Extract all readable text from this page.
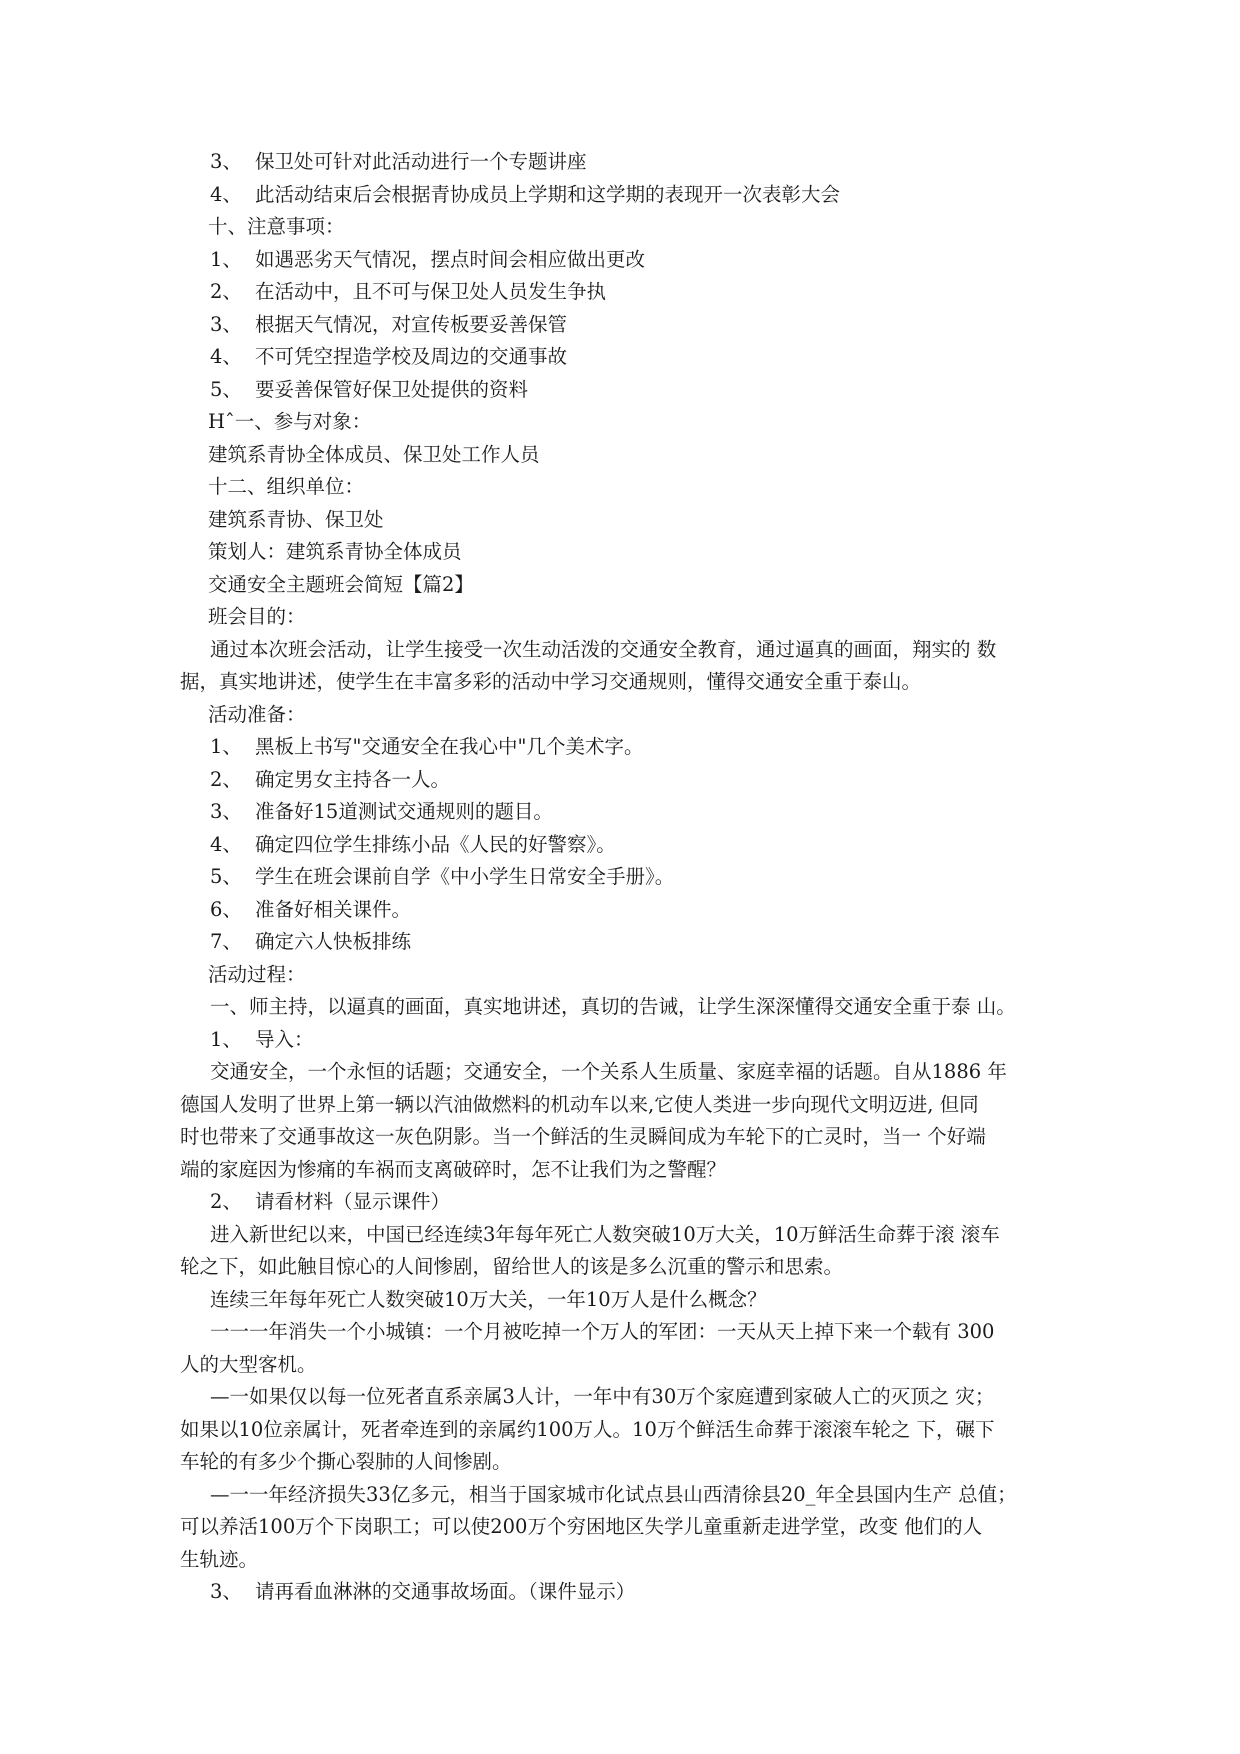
3、 保卫处可针对此活动进行一个专题讲座
4、 此活动结束后会根据青协成员上学期和这学期的表现开一次表彰大会
十、注意事项：
1、 如遇恶劣天气情况，摆点时间会相应做出更改
2、 在活动中，且不可与保卫处人员发生争执
3、 根据天气情况，对宣传板要妥善保管
4、 不可凭空捏造学校及周边的交通事故
5、 要妥善保管好保卫处提供的资料
Hˆ一、参与对象：
建筑系青协全体成员、保卫处工作人员
十二、组织单位：
建筑系青协、保卫处
策划人：建筑系青协全体成员
交通安全主题班会简短【篇2】
班会目的：
通过本次班会活动，让学生接受一次生动活泼的交通安全教育，通过逼真的画面，翔实的 数
据，真实地讲述，使学生在丰富多彩的活动中学习交通规则，懂得交通安全重于泰山。
活动准备：
1、 黑板上书写"交通安全在我心中"几个美术字。
2、 确定男女主持各一人。
3、 准备好15道测试交通规则的题目。
4、 确定四位学生排练小品《人民的好警察》。
5、 学生在班会课前自学《中小学生日常安全手册》。
6、 准备好相关课件。
7、 确定六人快板排练
活动过程：
一、师主持，以逼真的画面，真实地讲述，真切的告诫，让学生深深懂得交通安全重于泰 山。
1、 导入：
交通安全，一个永恒的话题；交通安全，一个关系人生质量、家庭幸福的话题。自从1886 年
德国人发明了世界上第一辆以汽油做燃料的机动车以来,它使人类进一步向现代文明迈进, 但同
时也带来了交通事故这一灰色阴影。当一个鲜活的生灵瞬间成为车轮下的亡灵时，当一 个好端
端的家庭因为惨痛的车祸而支离破碎时，怎不让我们为之警醒？
2、 请看材料（显示课件）
进入新世纪以来，中国已经连续3年每年死亡人数突破10万大关，10万鲜活生命葬于滚 滚车
轮之下，如此触目惊心的人间惨剧，留给世人的该是多么沉重的警示和思索。
连续三年每年死亡人数突破10万大关，一年10万人是什么概念？
一一一年消失一个小城镇：一个月被吃掉一个万人的军团：一天从天上掉下来一个载有 300
人的大型客机。
—一如果仅以每一位死者直系亲属3人计，一年中有30万个家庭遭到家破人亡的灭顶之 灾；
如果以10位亲属计，死者牵连到的亲属约100万人。10万个鲜活生命葬于滚滚车轮之 下，碾下
车轮的有多少个撕心裂肺的人间惨剧。
—一一年经济损失33亿多元，相当于国家城市化试点县山西清徐县20_年全县国内生产 总值；
可以养活100万个下岗职工；可以使200万个穷困地区失学儿童重新走进学堂，改变 他们的人
生轨迹。
3、 请再看血淋淋的交通事故场面。（课件显示）
